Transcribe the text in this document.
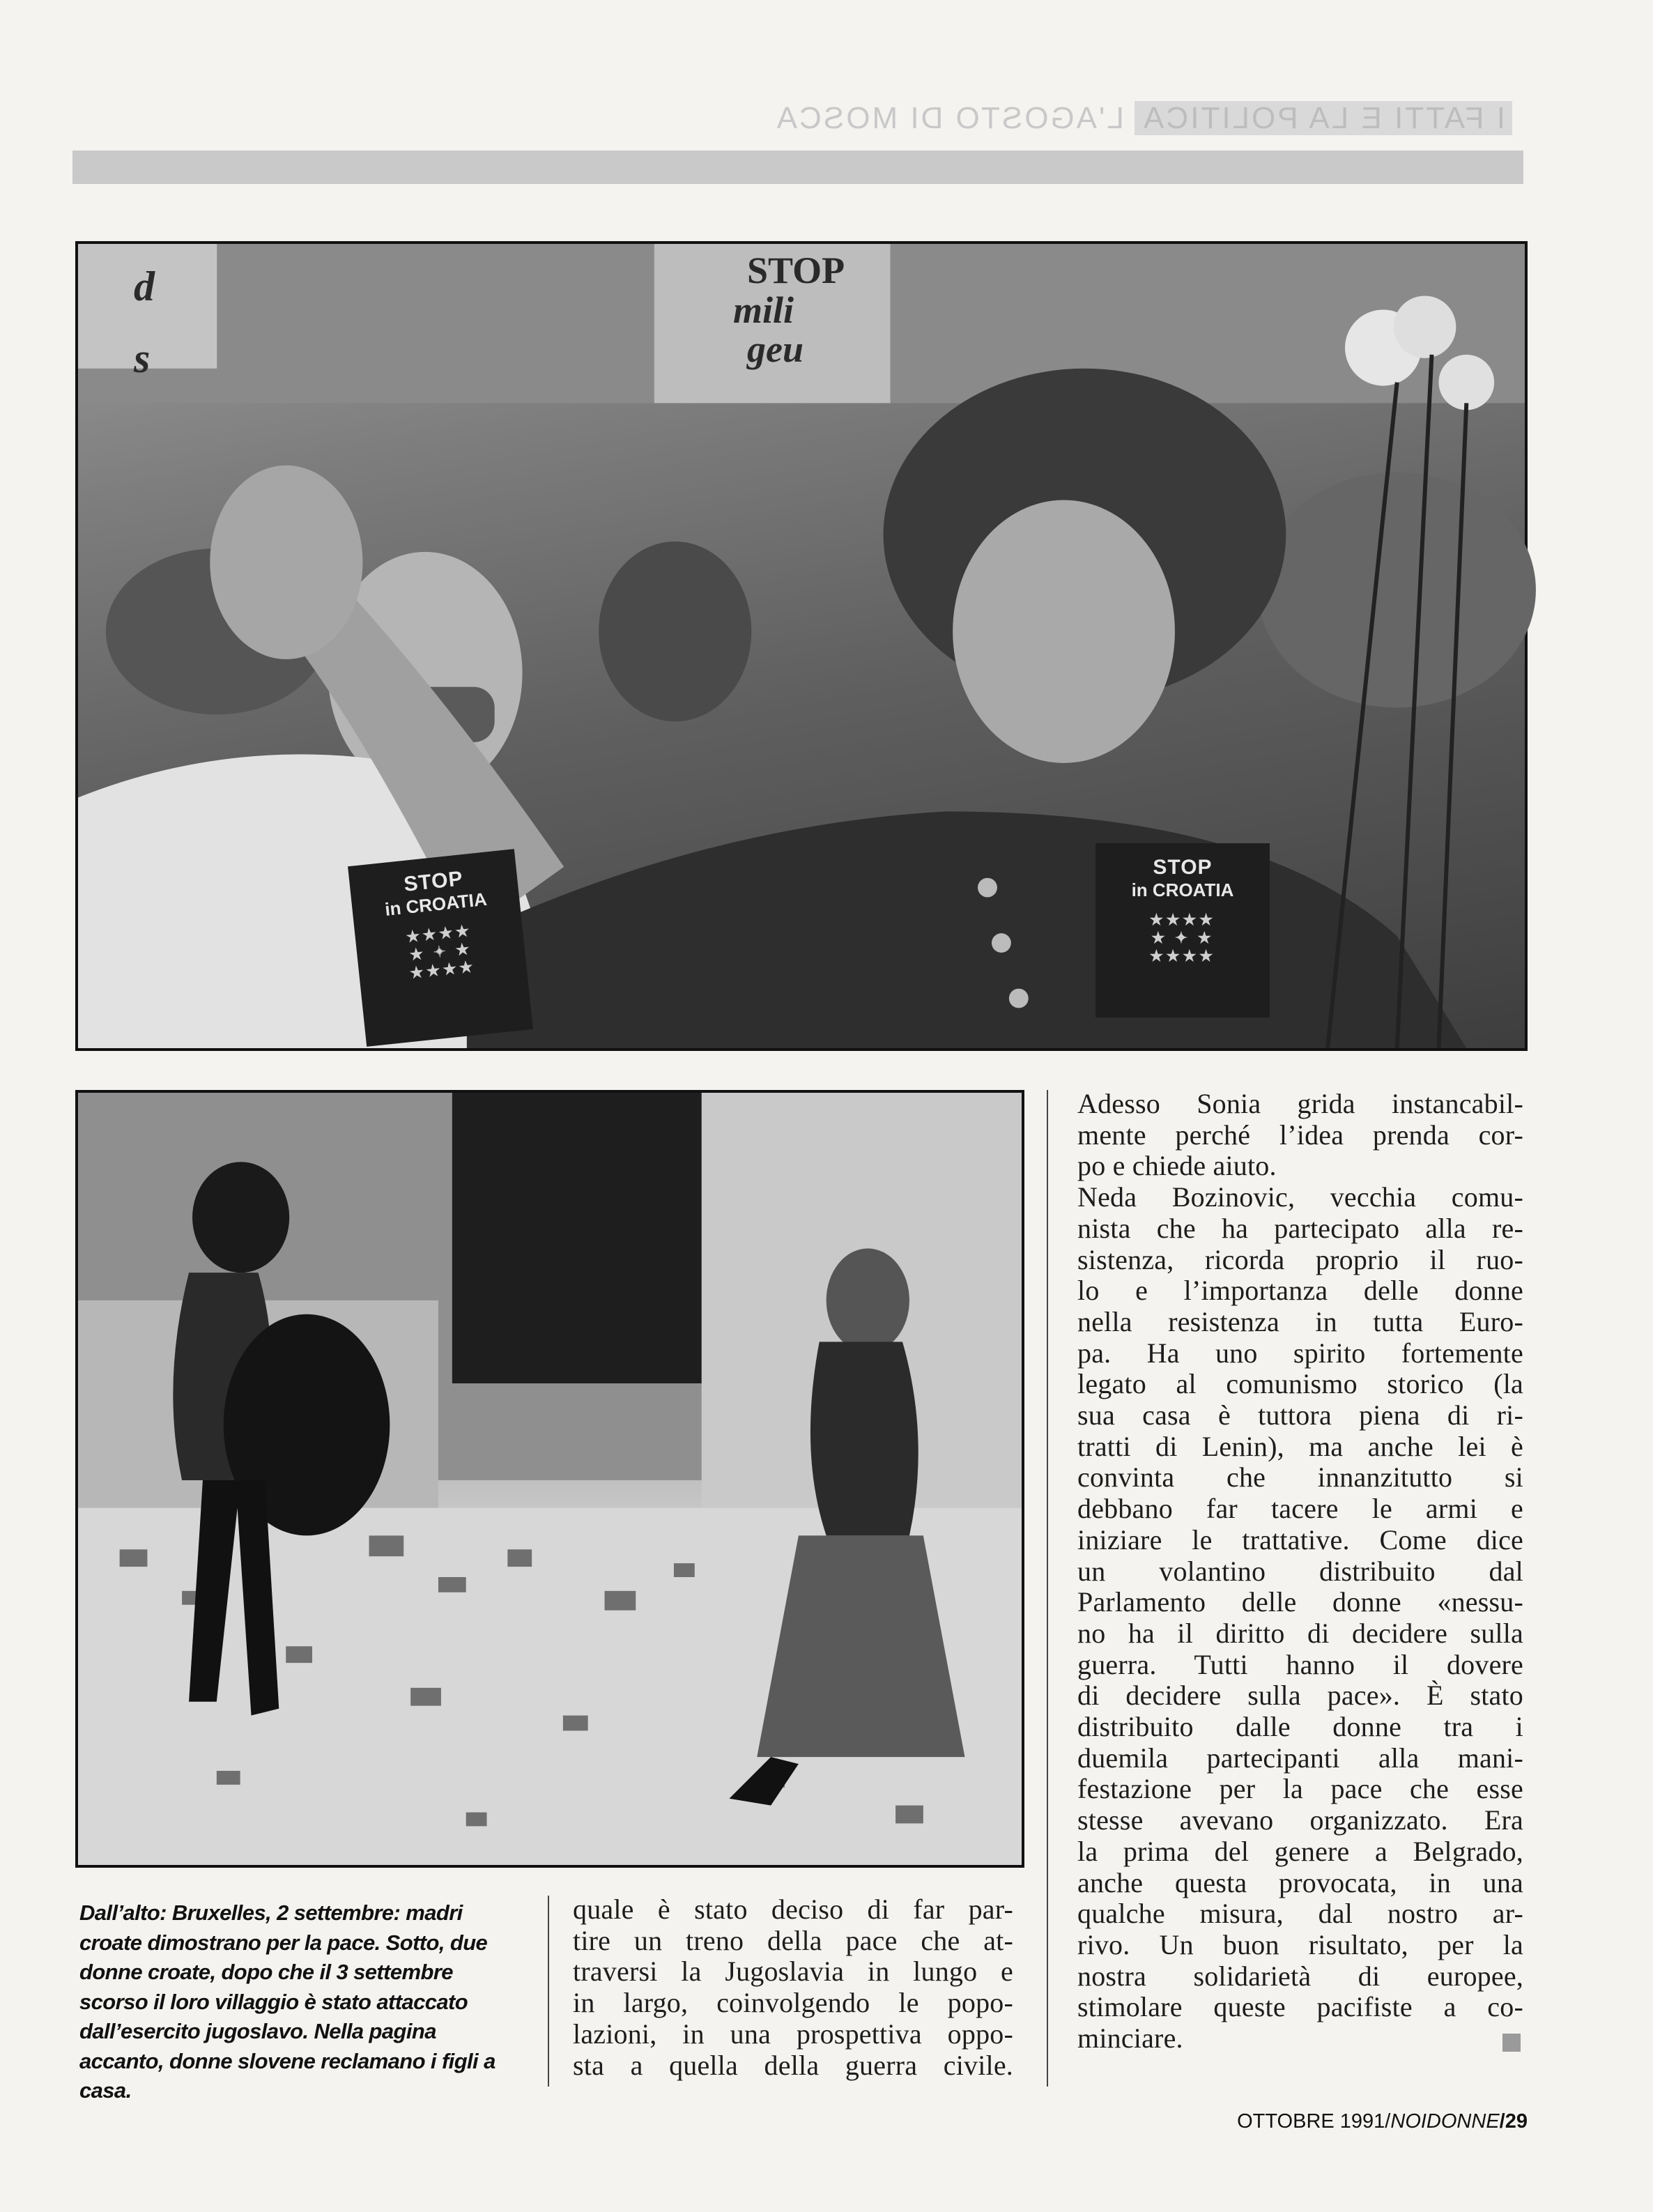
I FATTI E LA POLITICA L'AGOSTO DI MOSCA
STOP
mili
geu
d
s
STOP
in CROATIA
★★★★
★ ✦ ★
★★★★
STOP
in CROATIA
★★★★
★ ✦ ★
★★★★

Dall’alto: Bruxelles, 2 settembre: madri croate dimostrano per la pace. Sotto, due donne croate, dopo che il 3 settembre scorso il loro villaggio è stato attaccato dall’esercito jugoslavo. Nella pagina accanto, donne slovene reclamano i figli a casa.

quale è stato deciso di far par-
tire un treno della pace che at-
traversi la Jugoslavia in lungo e
in largo, coinvolgendo le popo-
lazioni, in una prospettiva oppo-
sta a quella della guerra civile.
Adesso Sonia grida instancabil-
mente perché l’idea prenda cor-
po e chiede aiuto.
Neda Bozinovic, vecchia comu-
nista che ha partecipato alla re-
sistenza, ricorda proprio il ruo-
lo e l’importanza delle donne
nella resistenza in tutta Euro-
pa. Ha uno spirito fortemente
legato al comunismo storico (la
sua casa è tuttora piena di ri-
tratti di Lenin), ma anche lei è
convinta che innanzitutto si
debbano far tacere le armi e
iniziare le trattative. Come dice
un volantino distribuito dal
Parlamento delle donne «nessu-
no ha il diritto di decidere sulla
guerra. Tutti hanno il dovere
di decidere sulla pace». È stato
distribuito dalle donne tra i
duemila partecipanti alla mani-
festazione per la pace che esse
stesse avevano organizzato. Era
la prima del genere a Belgrado,
anche questa provocata, in una
qualche misura, dal nostro ar-
rivo. Un buon risultato, per la
nostra solidarietà di europee,
stimolare queste pacifiste a co-
minciare.

OTTOBRE 1991/NOIDONNE/29
